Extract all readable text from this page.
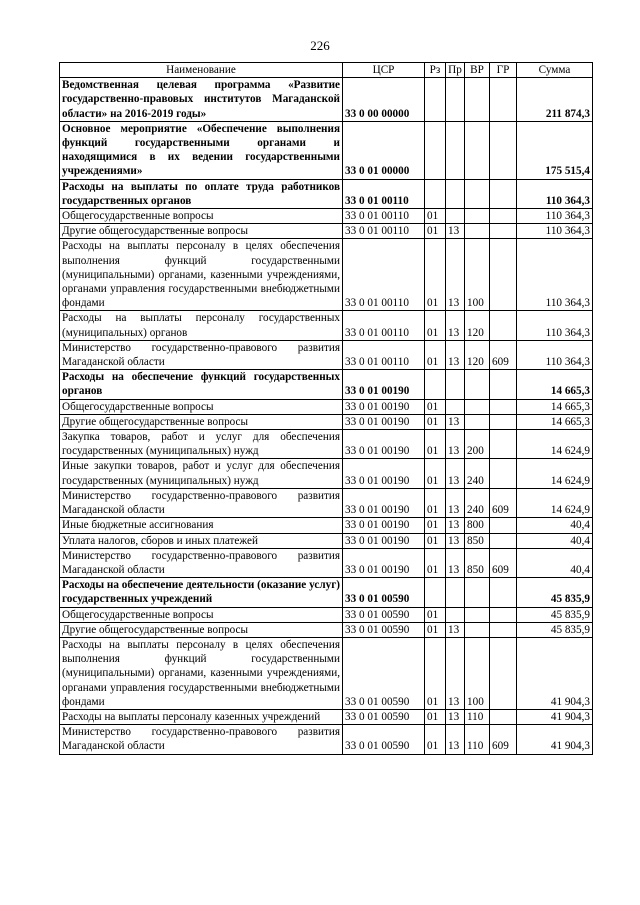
226
Наименование	ЦСР	Рз	Пр	ВР	ГР	Сумма
Ведомственная целевая программа «Развитие государственно-правовых институтов Магаданской области» на 2016-2019 годы»	33 0 00 00000					211 874,3
Основное мероприятие «Обеспечение выполнения функций государственными органами и находящимися в их ведении государственными учреждениями»	33 0 01 00000					175 515,4
Расходы на выплаты по оплате труда работников государственных органов	33 0 01 00110					110 364,3
Общегосударственные вопросы	33 0 01 00110	01				110 364,3
Другие общегосударственные вопросы	33 0 01 00110	01	13			110 364,3
Расходы на выплаты персоналу в целях обеспечения выполнения функций государственными (муниципальными) органами, казенными учреждениями, органами управления государственными внебюджетными фондами	33 0 01 00110	01	13	100		110 364,3
Расходы на выплаты персоналу государственных (муниципальных) органов	33 0 01 00110	01	13	120		110 364,3
Министерство государственно-правового развития Магаданской области	33 0 01 00110	01	13	120	609	110 364,3
Расходы на обеспечение функций государственных органов	33 0 01 00190					14 665,3
Общегосударственные вопросы	33 0 01 00190	01				14 665,3
Другие общегосударственные вопросы	33 0 01 00190	01	13			14 665,3
Закупка товаров, работ и услуг для обеспечения государственных (муниципальных) нужд	33 0 01 00190	01	13	200		14 624,9
Иные закупки товаров, работ и услуг для обеспечения государственных (муниципальных) нужд	33 0 01 00190	01	13	240		14 624,9
Министерство государственно-правового развития Магаданской области	33 0 01 00190	01	13	240	609	14 624,9
Иные бюджетные ассигнования	33 0 01 00190	01	13	800		40,4
Уплата налогов, сборов и иных платежей	33 0 01 00190	01	13	850		40,4
Министерство государственно-правового развития Магаданской области	33 0 01 00190	01	13	850	609	40,4
Расходы на обеспечение деятельности (оказание услуг) государственных учреждений	33 0 01 00590					45 835,9
Общегосударственные вопросы	33 0 01 00590	01				45 835,9
Другие общегосударственные вопросы	33 0 01 00590	01	13			45 835,9
Расходы на выплаты персоналу в целях обеспечения выполнения функций государственными (муниципальными) органами, казенными учреждениями, органами управления государственными внебюджетными фондами	33 0 01 00590	01	13	100		41 904,3
Расходы на выплаты персоналу казенных учреждений	33 0 01 00590	01	13	110		41 904,3
Министерство государственно-правового развития Магаданской области	33 0 01 00590	01	13	110	609	41 904,3
